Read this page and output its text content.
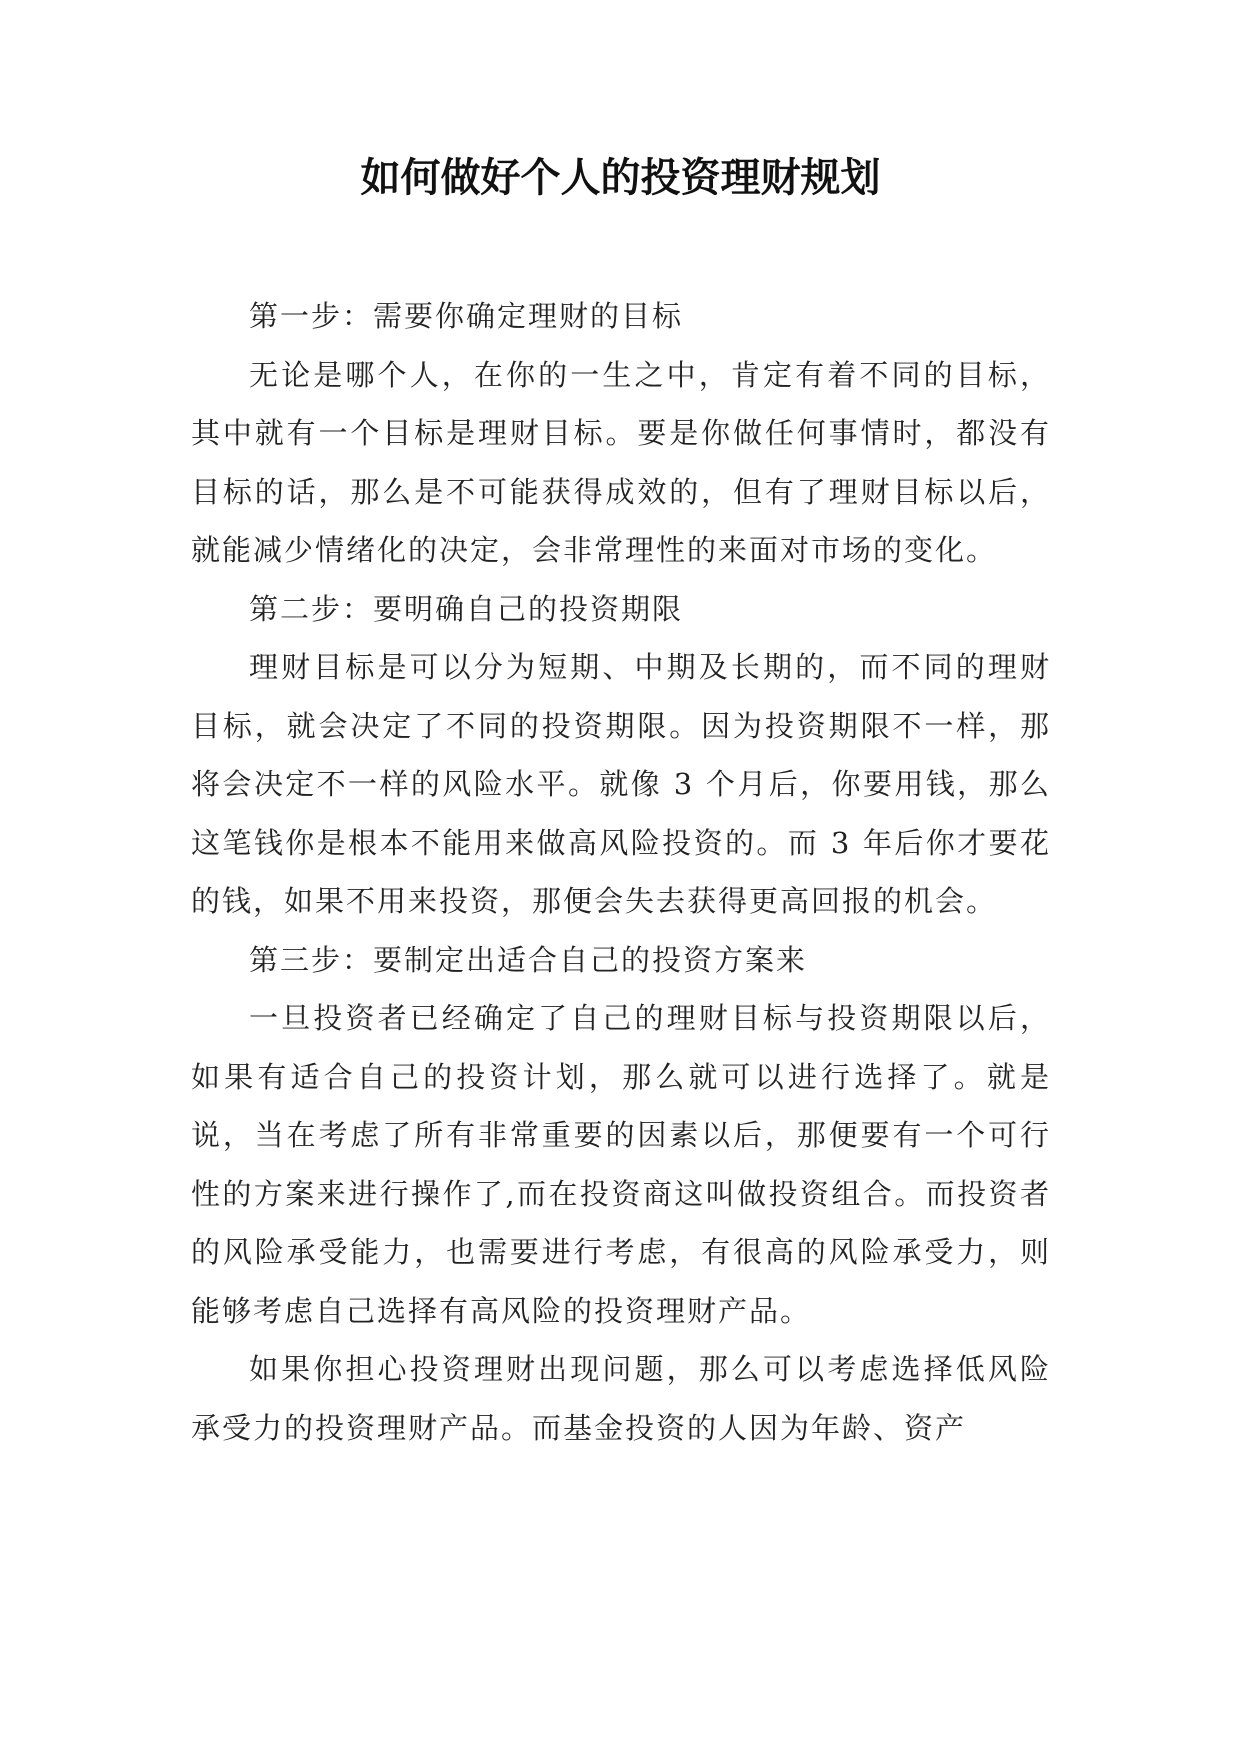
如何做好个人的投资理财规划

第一步：需要你确定理财的目标

无论是哪个人，在你的一生之中，肯定有着不同的目标，其中就有一个目标是理财目标。要是你做任何事情时，都没有目标的话，那么是不可能获得成效的，但有了理财目标以后，就能减少情绪化的决定，会非常理性的来面对市场的变化。

第二步：要明确自己的投资期限

理财目标是可以分为短期、中期及长期的，而不同的理财目标，就会决定了不同的投资期限。因为投资期限不一样，那将会决定不一样的风险水平。就像 3 个月后，你要用钱，那么这笔钱你是根本不能用来做高风险投资的。而 3 年后你才要花的钱，如果不用来投资，那便会失去获得更高回报的机会。

第三步：要制定出适合自己的投资方案来

一旦投资者已经确定了自己的理财目标与投资期限以后，如果有适合自己的投资计划，那么就可以进行选择了。就是说，当在考虑了所有非常重要的因素以后，那便要有一个可行性的方案来进行操作了,而在投资商这叫做投资组合。而投资者的风险承受能力，也需要进行考虑，有很高的风险承受力，则能够考虑自己选择有高风险的投资理财产品。

如果你担心投资理财出现问题，那么可以考虑选择低风险承受力的投资理财产品。而基金投资的人因为年龄、资产
